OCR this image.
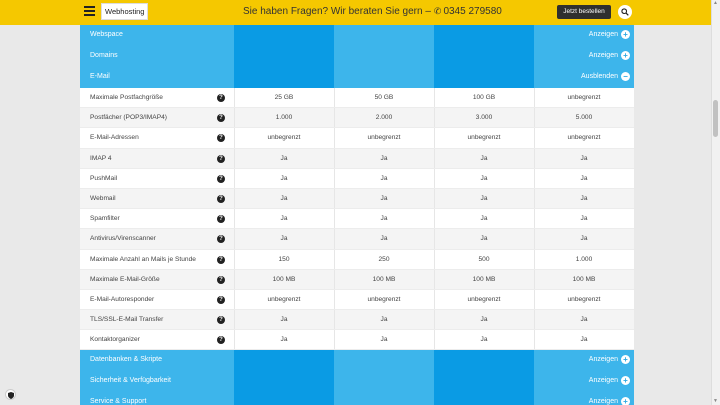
Webhosting	Sie haben Fragen? Wir beraten Sie gern – ✆ 0345 279580	Jetzt bestellen
Webspace	Anzeigen +
Domains	Anzeigen +
E-Mail	Ausblenden −
Maximale Postfachgröße	?	25 GB	50 GB	100 GB	unbegrenzt
Postfächer (POP3/IMAP4)	?	1.000	2.000	3.000	5.000
E-Mail-Adressen	?	unbegrenzt	unbegrenzt	unbegrenzt	unbegrenzt
IMAP 4	?	Ja	Ja	Ja	Ja
PushMail	?	Ja	Ja	Ja	Ja
Webmail	?	Ja	Ja	Ja	Ja
Spamfilter	?	Ja	Ja	Ja	Ja
Antivirus/Virenscanner	?	Ja	Ja	Ja	Ja
Maximale Anzahl an Mails je Stunde	?	150	250	500	1.000
Maximale E-Mail-Größe	?	100 MB	100 MB	100 MB	100 MB
E-Mail-Autoresponder	?	unbegrenzt	unbegrenzt	unbegrenzt	unbegrenzt
TLS/SSL-E-Mail Transfer	?	Ja	Ja	Ja	Ja
Kontaktorganizer	?	Ja	Ja	Ja	Ja
Datenbanken & Skripte	Anzeigen +
Sicherheit & Verfügbarkeit	Anzeigen +
Service & Support	Anzeigen +
▲
▼
